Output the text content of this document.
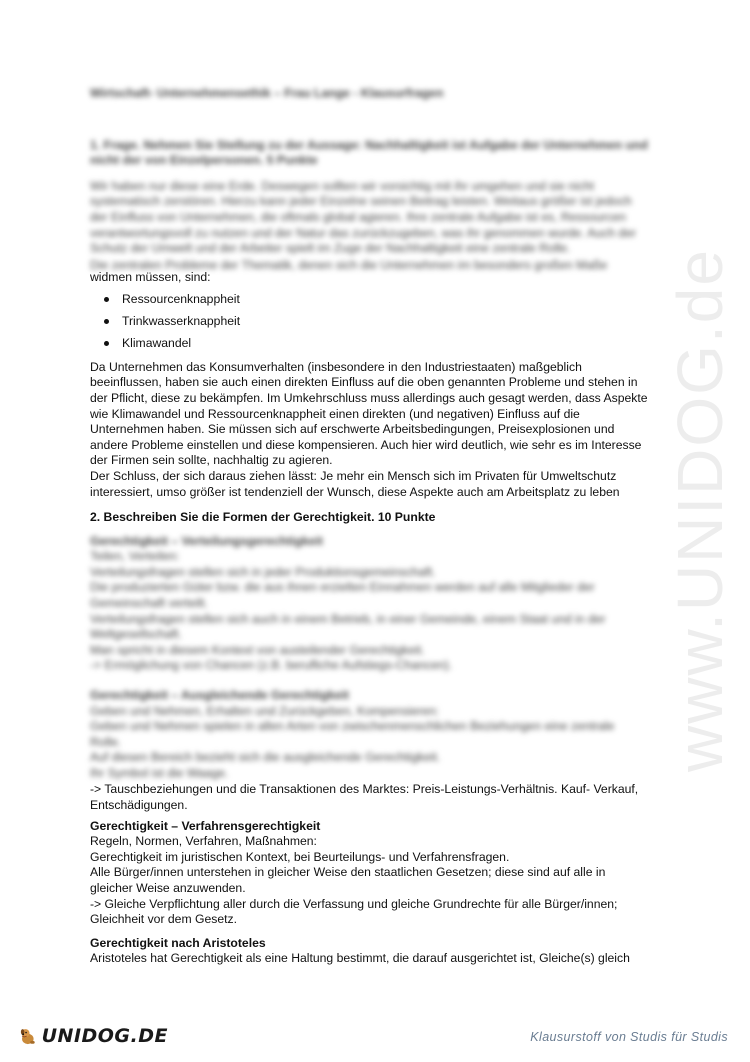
www.UNIDOG.de

Wirtschaft- Unternehmensethik – Frau Lange - Klausurfragen

1. Frage. Nehmen Sie Stellung zu der Aussage: Nachhaltigkeit ist Aufgabe der Unternehmen und nicht der von Einzelpersonen. 5 Punkte

Wir haben nur diese eine Erde. Deswegen sollten wir vorsichtig mit ihr umgehen und sie nicht
systematisch zerstören. Hierzu kann jeder Einzelne seinen Beitrag leisten. Weitaus größer ist jedoch
der Einfluss von Unternehmen, die oftmals global agieren. Ihre zentrale Aufgabe ist es, Ressourcen
verantwortungsvoll zu nutzen und der Natur das zurückzugeben, was ihr genommen wurde. Auch der
Schutz der Umwelt und der Arbeiter spielt im Zuge der Nachhaltigkeit eine zentrale Rolle.
Die zentralen Probleme der Thematik, denen sich die Unternehmen im besonders großen Maße
widmen müssen, sind:
Ressourcenknappheit
Trinkwasserknappheit
Klimawandel

Da Unternehmen das Konsumverhalten (insbesondere in den Industriestaaten) maßgeblich beeinflussen, haben sie auch einen direkten Einfluss auf die oben genannten Probleme und stehen in der Pflicht, diese zu bekämpfen. Im Umkehrschluss muss allerdings auch gesagt werden, dass Aspekte wie Klimawandel und Ressourcenknappheit einen direkten (und negativen) Einfluss auf die Unternehmen haben. Sie müssen sich auf erschwerte Arbeitsbedingungen, Preisexplosionen und andere Probleme einstellen und diese kompensieren. Auch hier wird deutlich, wie sehr es im Interesse der Firmen sein sollte, nachhaltig zu agieren.

Der Schluss, der sich daraus ziehen lässt: Je mehr ein Mensch sich im Privaten für Umweltschutz interessiert, umso größer ist tendenziell der Wunsch, diese Aspekte auch am Arbeitsplatz zu leben

2. Beschreiben Sie die Formen der Gerechtigkeit. 10 Punkte

Gerechtigkeit – Verteilungsgerechtigkeit
Teilen, Verteilen:
Verteilungsfragen stellen sich in jeder Produktionsgemeinschaft.
Die produzierten Güter bzw. die aus ihnen erzielten Einnahmen werden auf alle Mitglieder der
Gemeinschaft verteilt.
Verteilungsfragen stellen sich auch in einem Betrieb, in einer Gemeinde, einem Staat und in der
Weltgesellschaft.
Man spricht in diesem Kontext von austeilender Gerechtigkeit.
-> Ermöglichung von Chancen (z.B. berufliche Aufstiegs-Chancen).
Gerechtigkeit – Ausgleichende Gerechtigkeit
Geben und Nehmen, Erhalten und Zurückgeben, Kompensieren:
Geben und Nehmen spielen in allen Arten von zwischenmenschlichen Beziehungen eine zentrale
Rolle.
Auf diesen Bereich bezieht sich die ausgleichende Gerechtigkeit.
Ihr Symbol ist die Waage.
-> Tauschbeziehungen und die Transaktionen des Marktes: Preis-Leistungs-Verhältnis. Kauf- Verkauf,
Entschädigungen.
Gerechtigkeit – Verfahrensgerechtigkeit
Regeln, Normen, Verfahren, Maßnahmen:
Gerechtigkeit im juristischen Kontext, bei Beurteilungs- und Verfahrensfragen.
Alle Bürger/innen unterstehen in gleicher Weise den staatlichen Gesetzen; diese sind auf alle in gleicher Weise anzuwenden.
-> Gleiche Verpflichtung aller durch die Verfassung und gleiche Grundrechte für alle Bürger/innen; Gleichheit vor dem Gesetz.
Gerechtigkeit nach Aristoteles
Aristoteles hat Gerechtigkeit als eine Haltung bestimmt, die darauf ausgerichtet ist, Gleiche(s) gleich
UNIDOG.DE	Klausurstoff von Studis für Studis
